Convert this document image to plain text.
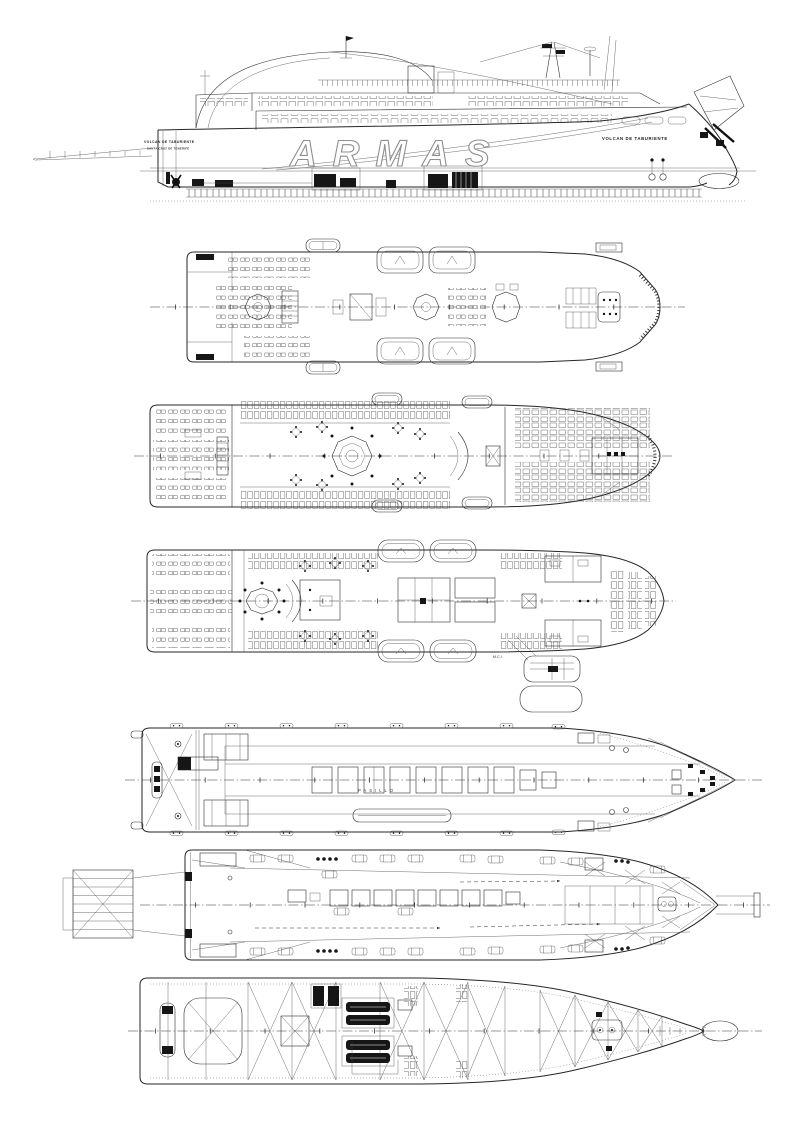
VOLCAN DE TABURIENTE
SANTA CRUZ DE TENERIFE
VOLCAN DE TABURIENTE
ARMAS
M.C.I.
PASILLO
